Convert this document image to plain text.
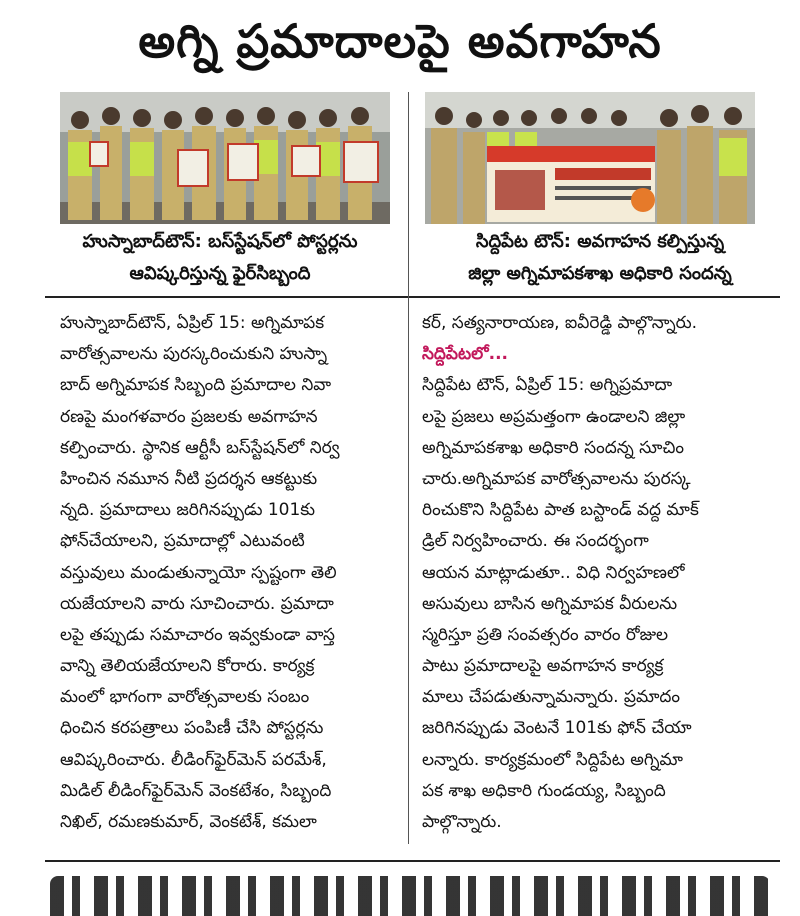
అగ్ని ప్రమాదాలపై అవగాహన
హుస్నాబాద్‌టౌన్‌: బస్‌స్టేషన్‌లో పోస్టర్లను
ఆవిష్కరిస్తున్న ఫైర్‌సిబ్బంది
సిద్దిపేట టౌన్‌: అవగాహన కల్పిస్తున్న
జిల్లా అగ్నిమాపకశాఖ అధికారి సందన్న
హుస్నాబాద్‌టౌన్‌, ఏప్రిల్‌ 15: అగ్నిమాపక
వారోత్సవాలను పురస్కరించుకుని హుస్నా
బాద్‌ అగ్నిమాపక సిబ్బంది ప్రమాదాల నివా
రణపై మంగళవారం ప్రజలకు అవగాహన
కల్పించారు. స్థానిక ఆర్టీసీ బస్‌స్టేషన్‌లో నిర్వ
హించిన నమూన నీటి ప్రదర్శన ఆకట్టుకు
న్నది. ప్రమాదాలు జరిగినప్పుడు 101కు
ఫోన్‌చేయాలని, ప్రమాదాల్లో ఎటువంటి
వస్తువులు మండుతున్నాయో స్పష్టంగా తెలి
యజేయాలని వారు సూచించారు. ప్రమాదా
లపై తప్పుడు సమాచారం ఇవ్వకుండా వాస్త
వాన్ని తెలియజేయాలని కోరారు. కార్యక్ర
మంలో భాగంగా వారోత్సవాలకు సంబం
ధించిన కరపత్రాలు పంపిణీ చేసి పోస్టర్లను
ఆవిష్కరించారు. లీడింగ్‌ఫైర్‌మెన్‌ పరమేశ్‌,
మిడిల్‌ లీడింగ్‌ఫైర్‌మెన్‌ వెంకటేశం, సిబ్బంది
నిఖిల్‌, రమణకుమార్‌, వెంకటేశ్‌, కమలా
కర్‌, సత్యనారాయణ, ఐవీరెడ్డి పాల్గొన్నారు.
సిద్దిపేటలో...
సిద్దిపేట టౌన్‌, ఏప్రిల్‌ 15: అగ్నిప్రమాదా
లపై ప్రజలు అప్రమత్తంగా ఉండాలని జిల్లా
అగ్నిమాపకశాఖ అధికారి సందన్న సూచిం
చారు.అగ్నిమాపక వారోత్సవాలను పురస్క
రించుకొని సిద్దిపేట పాత బస్టాండ్‌ వద్ద మాక్‌
డ్రిల్‌ నిర్వహించారు. ఈ సందర్భంగా
ఆయన మాట్లాడుతూ.. విధి నిర్వహణలో
అసువులు బాసిన అగ్నిమాపక వీరులను
స్మరిస్తూ ప్రతి సంవత్సరం వారం రోజుల
పాటు ప్రమాదాలపై అవగాహన కార్యక్ర
మాలు చేపడుతున్నామన్నారు. ప్రమాదం
జరిగినప్పుడు వెంటనే 101కు ఫోన్‌ చేయా
లన్నారు. కార్యక్రమంలో సిద్దిపేట అగ్నిమా
పక శాఖ అధికారి గుండయ్య, సిబ్బంది
పాల్గొన్నారు.
